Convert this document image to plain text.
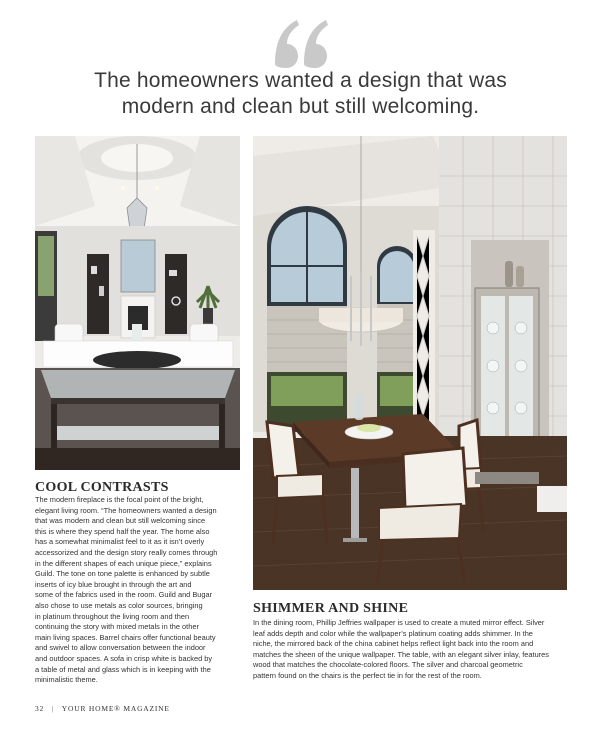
The homeowners wanted a design that was
modern and clean but still welcoming.
COOL CONTRASTS
The modern fireplace is the focal point of the bright,
elegant living room. “The homeowners wanted a design
that was modern and clean but still welcoming since
this is where they spend half the year. The home also
has a somewhat minimalist feel to it as it isn’t overly
accessorized and the design story really comes through
in the different shapes of each unique piece,” explains
Guild. The tone on tone palette is enhanced by subtle
inserts of icy blue brought in through the art and
some of the fabrics used in the room. Guild and Bugar
also chose to use metals as color sources, bringing
in platinum throughout the living room and then
continuing the story with mixed metals in the other
main living spaces. Barrel chairs offer functional beauty
and swivel to allow conversation between the indoor
and outdoor spaces. A sofa in crisp white is backed by
a table of metal and glass which is in keeping with the
minimalistic theme.
SHIMMER AND SHINE
In the dining room, Phillip Jeffries wallpaper is used to create a muted mirror effect. Silver
leaf adds depth and color while the wallpaper’s platinum coating adds shimmer. In the
niche, the mirrored back of the china cabinet helps reflect light back into the room and
matches the sheen of the unique wallpaper. The table, with an elegant silver inlay, features
wood that matches the chocolate-colored floors. The silver and charcoal geometric
pattern found on the chairs is the perfect tie in for the rest of the room.
32 | YOUR HOME® MAGAZINE
